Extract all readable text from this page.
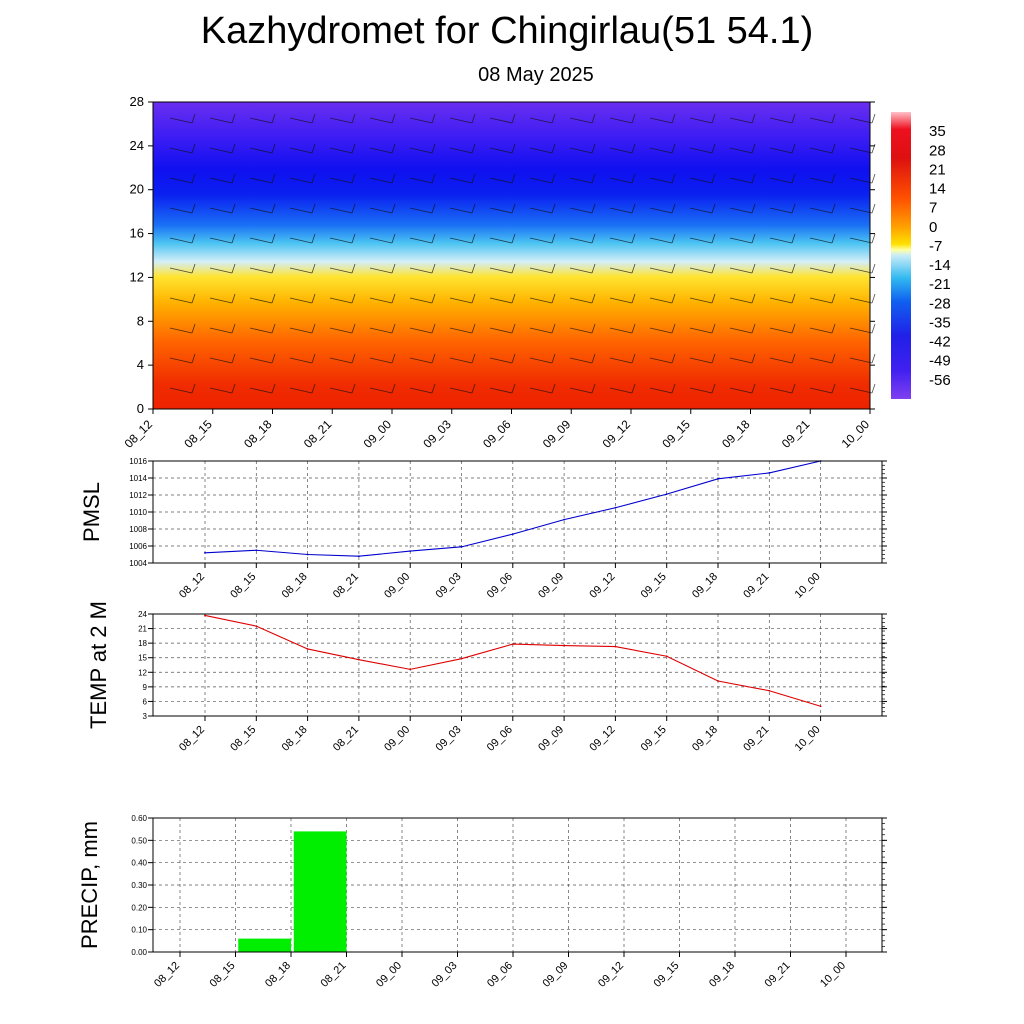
Kazhydromet for Chingirlau(51 54.1)
08 May 2025
0
4
8
12
16
20
24
28
08_12 08_15 08_18 08_21 09_00 09_03 09_06 09_09 09_12 09_15 09_18 09_21 10_00
35
28
21
14
7
0
-7
-14
-21
-28
-35
-42
-49
-56
1004
1006
1008
1010
1012
1014
1016
08_12 08_15 08_18 08_21 09_00 09_03 09_06 09_09 09_12 09_15 09_18 09_21 10_00
PMSL
3
6
9
12
15
18
21
24
08_12 08_15 08_18 08_21 09_00 09_03 09_06 09_09 09_12 09_15 09_18 09_21 10_00
TEMP at 2 M
0.00
0.10
0.20
0.30
0.40
0.50
0.60
08_12 08_15 08_18 08_21 09_00 09_03 09_06 09_09 09_12 09_15 09_18 09_21 10_00
PRECIP, mm
